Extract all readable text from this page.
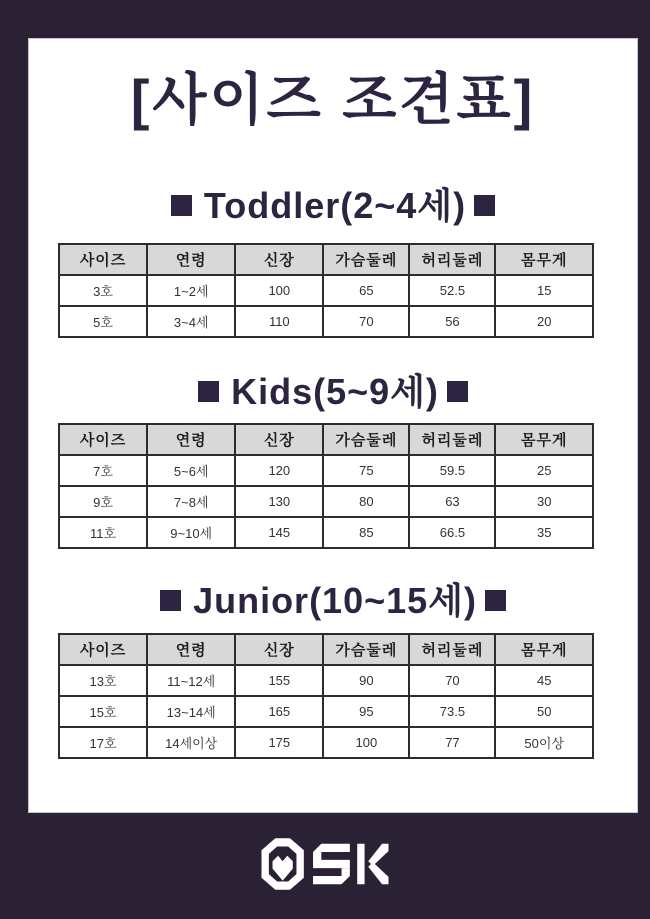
[사이즈 조견표]
Toddler(2~4세)
사이즈	연령	신장	가슴둘레	허리둘레	몸무게
3호	1~2세	100	65	52.5	15
5호	3~4세	110	70	56	20
Kids(5~9세)
사이즈	연령	신장	가슴둘레	허리둘레	몸무게
7호	5~6세	120	75	59.5	25
9호	7~8세	130	80	63	30
11호	9~10세	145	85	66.5	35
Junior(10~15세)
사이즈	연령	신장	가슴둘레	허리둘레	몸무게
13호	11~12세	155	90	70	45
15호	13~14세	165	95	73.5	50
17호	14세이상	175	100	77	50이상
